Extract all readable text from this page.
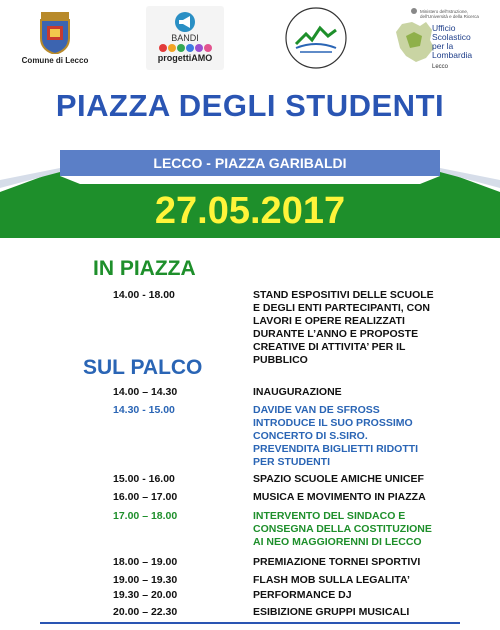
Comune di Lecco
BANDI
progettiAMO
Ministero dell'Istruzione, dell'Università e della Ricerca
Ufficio
Scolastico
per la
Lombardia
Lecco
PIAZZA DEGLI STUDENTI
LECCO - PIAZZA GARIBALDI
27.05.2017
IN PIAZZA
14.00 - 18.00	STAND ESPOSITIVI DELLE SCUOLE
E DEGLI ENTI PARTECIPANTI, CON
LAVORI E OPERE REALIZZATI
DURANTE L’ANNO E PROPOSTE
CREATIVE DI ATTIVITA’ PER IL
PUBBLICO
SUL PALCO
14.00 – 14.30	INAUGURAZIONE
14.30 - 15.00	DAVIDE VAN DE SFROSS
INTRODUCE IL SUO PROSSIMO
CONCERTO DI S.SIRO.
PREVENDITA BIGLIETTI RIDOTTI
PER STUDENTI
15.00 - 16.00	SPAZIO SCUOLE AMICHE UNICEF
16.00 – 17.00	MUSICA E MOVIMENTO IN PIAZZA
17.00 – 18.00	INTERVENTO DEL SINDACO E
CONSEGNA DELLA COSTITUZIONE
AI NEO MAGGIORENNI DI LECCO
18.00 – 19.00	PREMIAZIONE TORNEI SPORTIVI
19.00 – 19.30	FLASH MOB SULLA LEGALITA’
19.30 – 20.00	PERFORMANCE DJ
20.00 – 22.30	ESIBIZIONE GRUPPI MUSICALI
